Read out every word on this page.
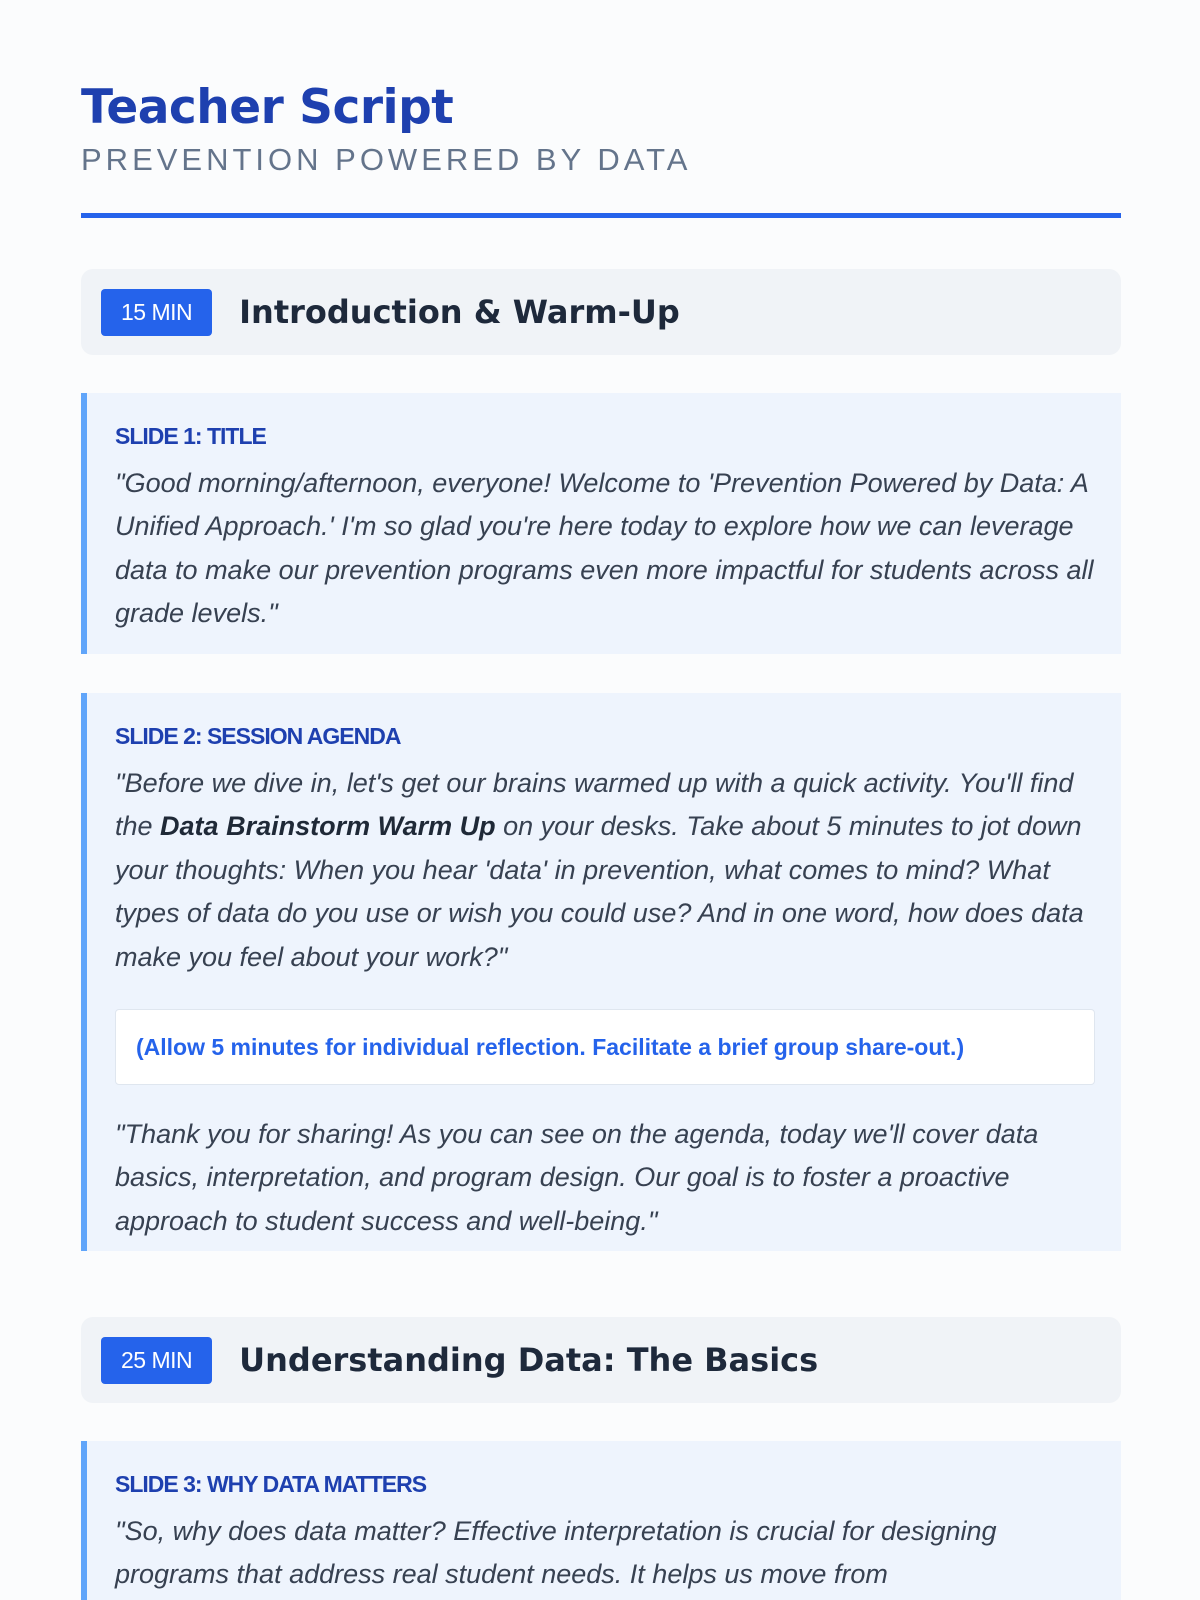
Teacher Script
PREVENTION POWERED BY DATA
15 MIN	Introduction & Warm-Up
SLIDE 1: TITLE

"Good morning/afternoon, everyone! Welcome to 'Prevention Powered by Data: A Unified Approach.' I'm so glad you're here today to explore how we can leverage data to make our prevention programs even more impactful for students across all grade levels."

SLIDE 2: SESSION AGENDA

"Before we dive in, let's get our brains warmed up with a quick activity. You'll find the Data Brainstorm Warm Up on your desks. Take about 5 minutes to jot down your thoughts: When you hear 'data' in prevention, what comes to mind? What types of data do you use or wish you could use? And in one word, how does data make you feel about your work?"

(Allow 5 minutes for individual reflection. Facilitate a brief group share-out.)

"Thank you for sharing! As you can see on the agenda, today we'll cover data basics, interpretation, and program design. Our goal is to foster a proactive approach to student success and well-being."

25 MIN	Understanding Data: The Basics
SLIDE 3: WHY DATA MATTERS

"So, why does data matter? Effective interpretation is crucial for designing programs that address real student needs. It helps us move from
